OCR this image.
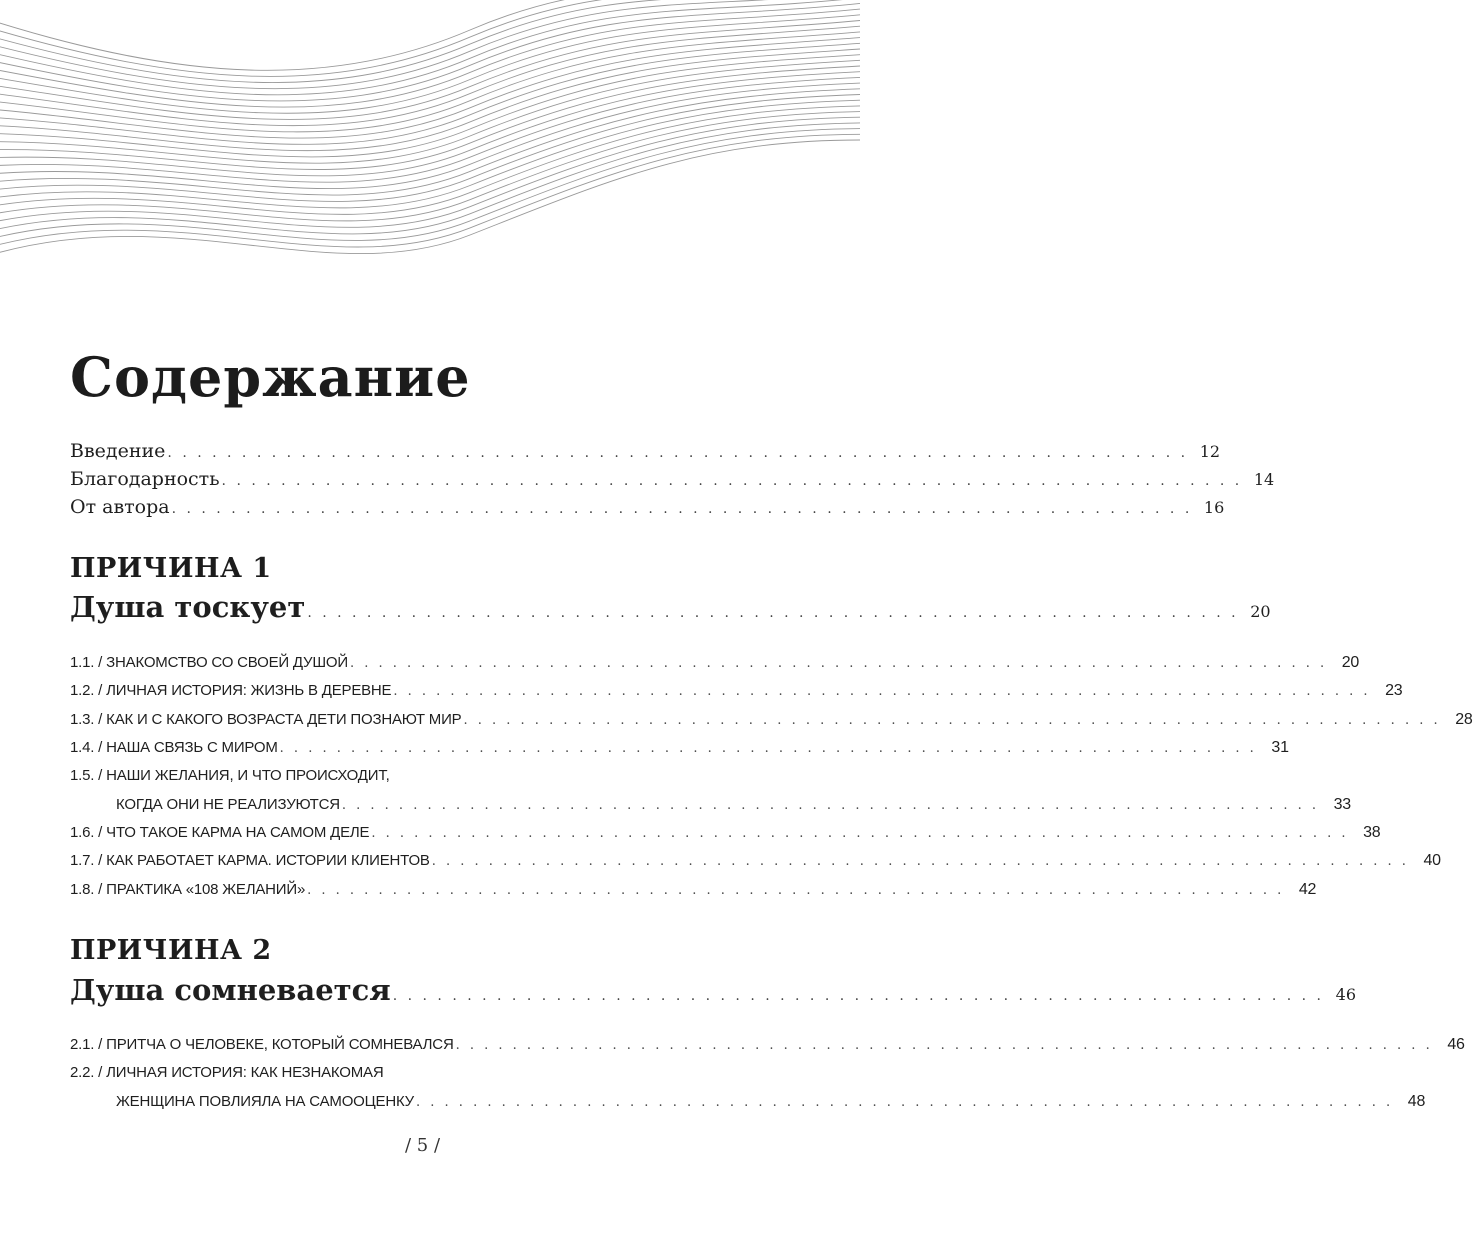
Содержание
Введение . . . . . . . . . . . . . . . . . . . . . . . . . . . . . . . . . . . . . . . . . . . . . . . . . . . . . . . . . . . . . . . . . . . . . 12
Благодарность . . . . . . . . . . . . . . . . . . . . . . . . . . . . . . . . . . . . . . . . . . . . . . . . . . . . . . . . . . . . . . . . . . . . . 14
От автора . . . . . . . . . . . . . . . . . . . . . . . . . . . . . . . . . . . . . . . . . . . . . . . . . . . . . . . . . . . . . . . . . . . . . 16
ПРИЧИНА 1
Душа тоскует . . . . . . . . . . . . . . . . . . . . . . . . . . . . . . . . . . . . . . . . . . . . . . . . . . . . . . . . . . . . . . . 20
1.1. / ЗНАКОМСТВО СО СВОЕЙ ДУШОЙ . . . . . . . . . . . . . . . . . . . . . . . . . . . . . . . . . . . . . . . . . . . . . . . . . . . . . . . . . . . . . . . . . . . . . 20
1.2. / ЛИЧНАЯ ИСТОРИЯ: ЖИЗНЬ В ДЕРЕВНЕ . . . . . . . . . . . . . . . . . . . . . . . . . . . . . . . . . . . . . . . . . . . . . . . . . . . . . . . . . . . . . . . . . . . . . 23
1.3. / КАК И С КАКОГО ВОЗРАСТА ДЕТИ ПОЗНАЮТ МИР . . . . . . . . . . . . . . . . . . . . . . . . . . . . . . . . . . . . . . . . . . . . . . . . . . . . . . . . . . . . . . . . . . . . . 28
1.4. / НАША СВЯЗЬ С МИРОМ . . . . . . . . . . . . . . . . . . . . . . . . . . . . . . . . . . . . . . . . . . . . . . . . . . . . . . . . . . . . . . . . . . . . . 31
1.5. / НАШИ ЖЕЛАНИЯ, И ЧТО ПРОИСХОДИТ,
КОГДА ОНИ НЕ РЕАЛИЗУЮТСЯ . . . . . . . . . . . . . . . . . . . . . . . . . . . . . . . . . . . . . . . . . . . . . . . . . . . . . . . . . . . . . . . . . . . . . 33
1.6. / ЧТО ТАКОЕ КАРМА НА САМОМ ДЕЛЕ . . . . . . . . . . . . . . . . . . . . . . . . . . . . . . . . . . . . . . . . . . . . . . . . . . . . . . . . . . . . . . . . . . . . . 38
1.7. / КАК РАБОТАЕТ КАРМА. ИСТОРИИ КЛИЕНТОВ . . . . . . . . . . . . . . . . . . . . . . . . . . . . . . . . . . . . . . . . . . . . . . . . . . . . . . . . . . . . . . . . . . . . . 40
1.8. / ПРАКТИКА «108 ЖЕЛАНИЙ» . . . . . . . . . . . . . . . . . . . . . . . . . . . . . . . . . . . . . . . . . . . . . . . . . . . . . . . . . . . . . . . . . . . . . 42
ПРИЧИНА 2
Душа сомневается . . . . . . . . . . . . . . . . . . . . . . . . . . . . . . . . . . . . . . . . . . . . . . . . . . . . . . . . . . . . . . . 46
2.1. / ПРИТЧА О ЧЕЛОВЕКЕ, КОТОРЫЙ СОМНЕВАЛСЯ . . . . . . . . . . . . . . . . . . . . . . . . . . . . . . . . . . . . . . . . . . . . . . . . . . . . . . . . . . . . . . . . . . . . . 46
2.2. / ЛИЧНАЯ ИСТОРИЯ: КАК НЕЗНАКОМАЯ
ЖЕНЩИНА ПОВЛИЯЛА НА САМООЦЕНКУ . . . . . . . . . . . . . . . . . . . . . . . . . . . . . . . . . . . . . . . . . . . . . . . . . . . . . . . . . . . . . . . . . . . . . 48
/ 5 /
